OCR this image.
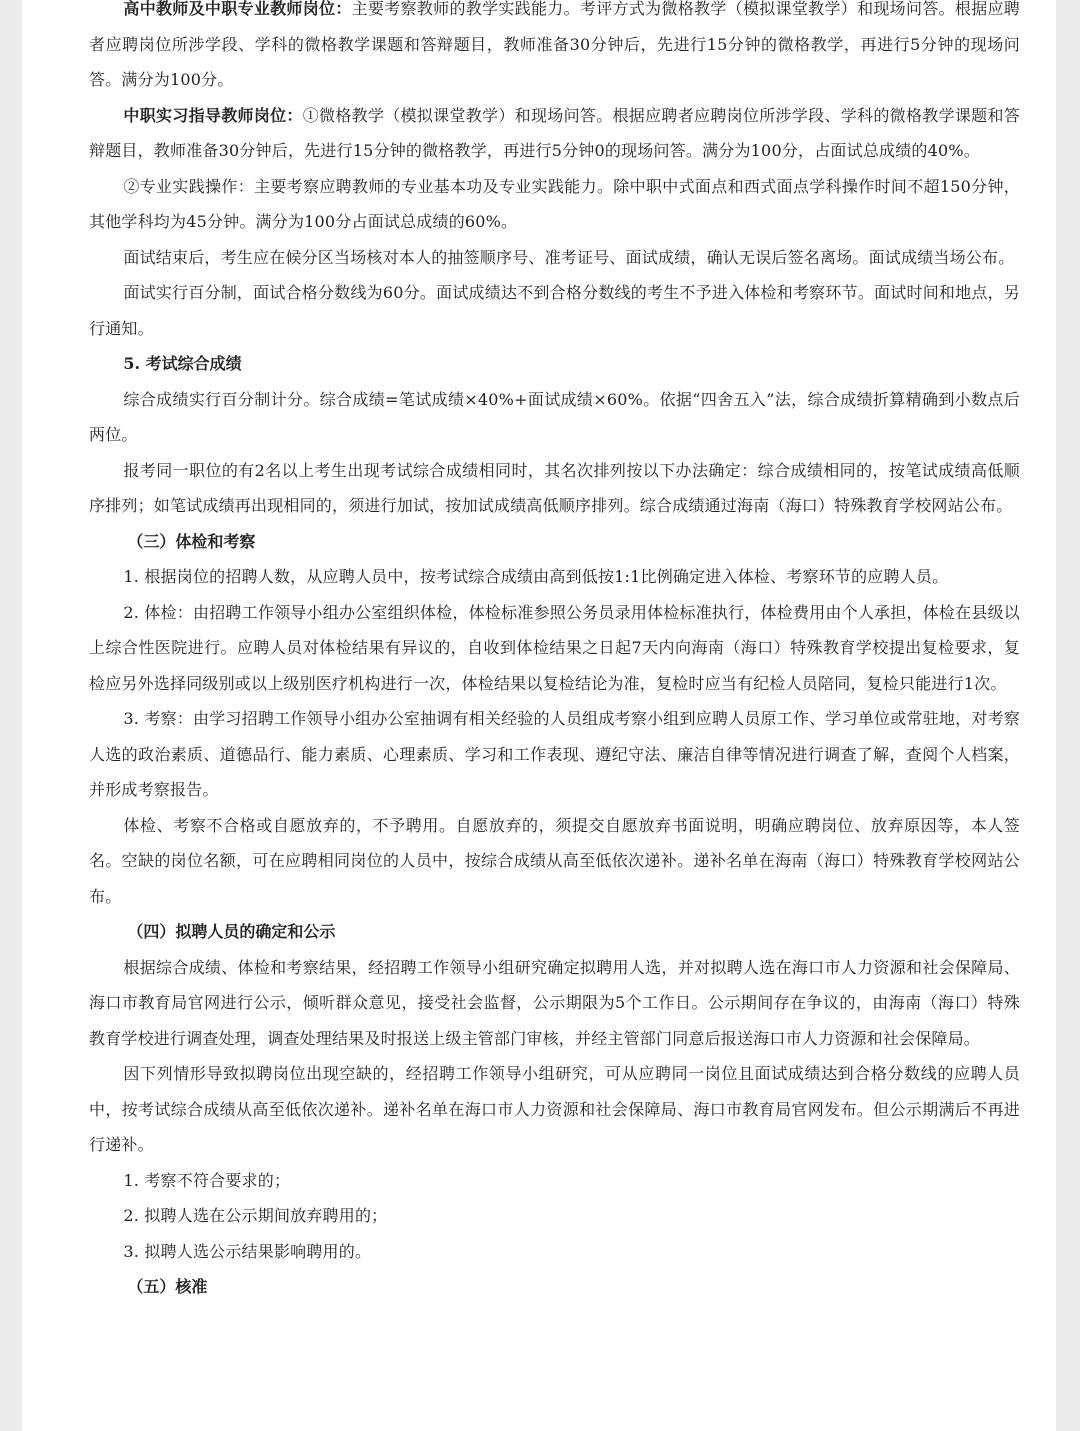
高中教师及中职专业教师岗位：主要考察教师的教学实践能力。考评方式为微格教学（模拟课堂教学）和现场问答。根据应聘者应聘岗位所涉学段、学科的微格教学课题和答辩题目，教师准备30分钟后，先进行15分钟的微格教学，再进行5分钟的现场问答。满分为100分。

中职实习指导教师岗位：①微格教学（模拟课堂教学）和现场问答。根据应聘者应聘岗位所涉学段、学科的微格教学课题和答辩题目，教师准备30分钟后，先进行15分钟的微格教学，再进行5分钟0的现场问答。满分为100分，占面试总成绩的40%。

②专业实践操作：主要考察应聘教师的专业基本功及专业实践能力。除中职中式面点和西式面点学科操作时间不超150分钟，其他学科均为45分钟。满分为100分占面试总成绩的60%。

面试结束后，考生应在候分区当场核对本人的抽签顺序号、准考证号、面试成绩，确认无误后签名离场。面试成绩当场公布。

面试实行百分制，面试合格分数线为60分。面试成绩达不到合格分数线的考生不予进入体检和考察环节。面试时间和地点，另行通知。

5. 考试综合成绩

综合成绩实行百分制计分。综合成绩=笔试成绩×40%+面试成绩×60%。依据“四舍五入”法，综合成绩折算精确到小数点后两位。

报考同一职位的有2名以上考生出现考试综合成绩相同时，其名次排列按以下办法确定：综合成绩相同的，按笔试成绩高低顺序排列；如笔试成绩再出现相同的，须进行加试，按加试成绩高低顺序排列。综合成绩通过海南（海口）特殊教育学校网站公布。

（三）体检和考察

1. 根据岗位的招聘人数，从应聘人员中，按考试综合成绩由高到低按1:1比例确定进入体检、考察环节的应聘人员。

2. 体检：由招聘工作领导小组办公室组织体检，体检标准参照公务员录用体检标准执行，体检费用由个人承担，体检在县级以上综合性医院进行。应聘人员对体检结果有异议的，自收到体检结果之日起7天内向海南（海口）特殊教育学校提出复检要求，复检应另外选择同级别或以上级别医疗机构进行一次，体检结果以复检结论为准，复检时应当有纪检人员陪同，复检只能进行1次。

3. 考察：由学习招聘工作领导小组办公室抽调有相关经验的人员组成考察小组到应聘人员原工作、学习单位或常驻地，对考察人选的政治素质、道德品行、能力素质、心理素质、学习和工作表现、遵纪守法、廉洁自律等情况进行调查了解，查阅个人档案，并形成考察报告。

体检、考察不合格或自愿放弃的，不予聘用。自愿放弃的，须提交自愿放弃书面说明，明确应聘岗位、放弃原因等，本人签名。空缺的岗位名额，可在应聘相同岗位的人员中，按综合成绩从高至低依次递补。递补名单在海南（海口）特殊教育学校网站公布。

（四）拟聘人员的确定和公示

根据综合成绩、体检和考察结果，经招聘工作领导小组研究确定拟聘用人选，并对拟聘人选在海口市人力资源和社会保障局、海口市教育局官网进行公示，倾听群众意见，接受社会监督，公示期限为5个工作日。公示期间存在争议的，由海南（海口）特殊教育学校进行调查处理，调查处理结果及时报送上级主管部门审核，并经主管部门同意后报送海口市人力资源和社会保障局。

因下列情形导致拟聘岗位出现空缺的，经招聘工作领导小组研究，可从应聘同一岗位且面试成绩达到合格分数线的应聘人员中，按考试综合成绩从高至低依次递补。递补名单在海口市人力资源和社会保障局、海口市教育局官网发布。但公示期满后不再进行递补。

1. 考察不符合要求的；

2. 拟聘人选在公示期间放弃聘用的；

3. 拟聘人选公示结果影响聘用的。

（五）核准
